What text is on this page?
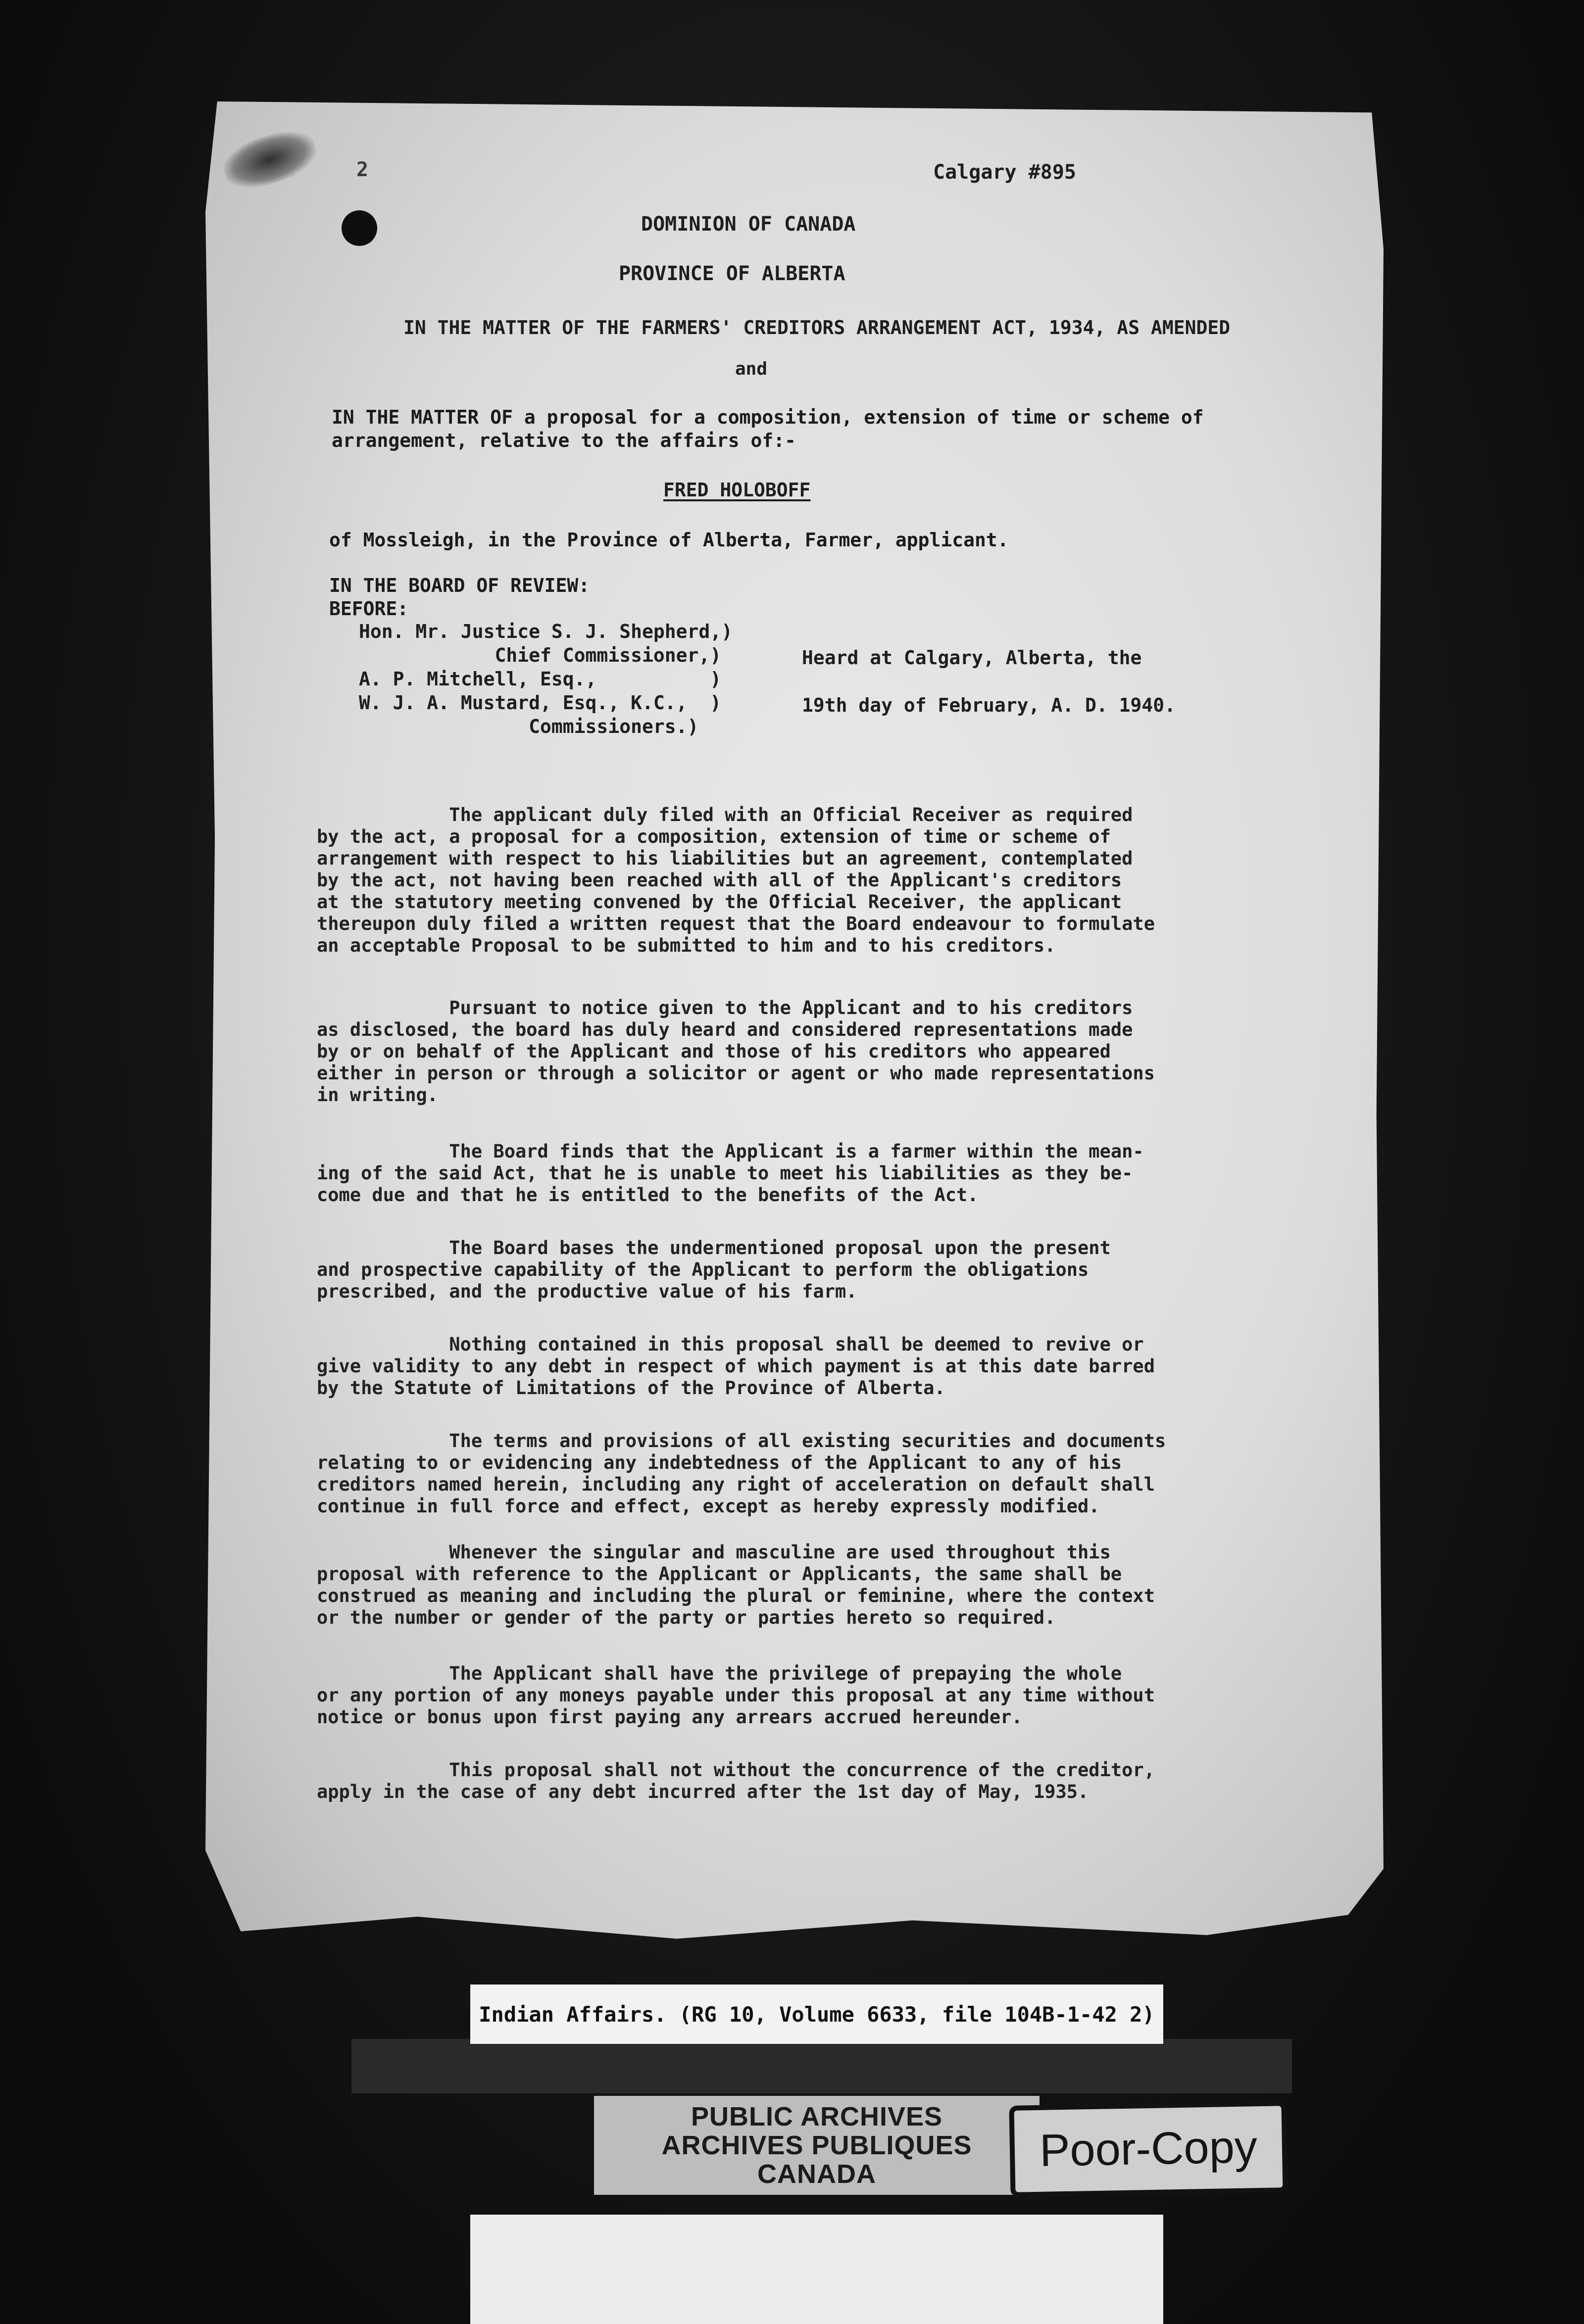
2	Calgary #895
DOMINION OF CANADA
PROVINCE OF ALBERTA
IN THE MATTER OF THE FARMERS' CREDITORS ARRANGEMENT ACT, 1934, AS AMENDED
and
IN THE MATTER OF a proposal for a composition, extension of time or scheme of
arrangement, relative to the affairs of:-
FRED HOLOBOFF
of Mossleigh, in the Province of Alberta, Farmer, applicant.
IN THE BOARD OF REVIEW:
BEFORE:
Hon. Mr. Justice S. J. Shepherd,)
Chief Commissioner,)
A. P. Mitchell, Esq.,          )
W. J. A. Mustard, Esq., K.C.,  )
Commissioners.)
Heard at Calgary, Alberta, the

19th day of February, A. D. 1940.
The applicant duly filed with an Official Receiver as required
by the act, a proposal for a composition, extension of time or scheme of
arrangement with respect to his liabilities but an agreement, contemplated
by the act, not having been reached with all of the Applicant's creditors
at the statutory meeting convened by the Official Receiver, the applicant
thereupon duly filed a written request that the Board endeavour to formulate
an acceptable Proposal to be submitted to him and to his creditors.
Pursuant to notice given to the Applicant and to his creditors
as disclosed, the board has duly heard and considered representations made
by or on behalf of the Applicant and those of his creditors who appeared
either in person or through a solicitor or agent or who made representations
in writing.
The Board finds that the Applicant is a farmer within the mean-
ing of the said Act, that he is unable to meet his liabilities as they be-
come due and that he is entitled to the benefits of the Act.
The Board bases the undermentioned proposal upon the present
and prospective capability of the Applicant to perform the obligations
prescribed, and the productive value of his farm.
Nothing contained in this proposal shall be deemed to revive or
give validity to any debt in respect of which payment is at this date barred
by the Statute of Limitations of the Province of Alberta.
The terms and provisions of all existing securities and documents
relating to or evidencing any indebtedness of the Applicant to any of his
creditors named herein, including any right of acceleration on default shall
continue in full force and effect, except as hereby expressly modified.
Whenever the singular and masculine are used throughout this
proposal with reference to the Applicant or Applicants, the same shall be
construed as meaning and including the plural or feminine, where the context
or the number or gender of the party or parties hereto so required.
The Applicant shall have the privilege of prepaying the whole
or any portion of any moneys payable under this proposal at any time without
notice or bonus upon first paying any arrears accrued hereunder.
This proposal shall not without the concurrence of the creditor,
apply in the case of any debt incurred after the 1st day of May, 1935.
Indian Affairs. (RG 10, Volume 6633, file 104B-1-42 2)
PUBLIC ARCHIVES
ARCHIVES PUBLIQUES
CANADA	Poor-Copy
